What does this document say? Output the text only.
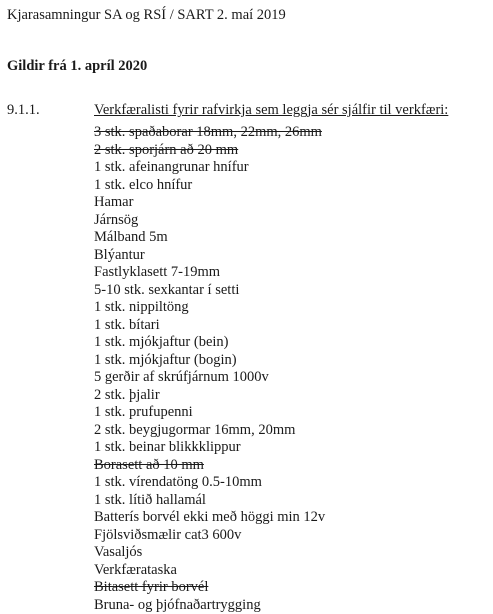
Kjarasamningur SA og RSÍ / SART 2. maí 2019
Gildir frá 1. apríl 2020
9.1.1.	Verkfæralisti fyrir rafvirkja sem leggja sér sjálfir til verkfæri:
3 stk. spaðaborar 18mm, 22mm, 26mm
2 stk. sporjárn að 20 mm
1 stk. afeinangrunar hnífur
1 stk. elco hnífur
Hamar
Járnsög
Málband 5m
Blýantur
Fastlyklasett 7-19mm
5-10 stk. sexkantar í setti
1 stk. nippiltöng
1 stk. bítari
1 stk. mjókjaftur (bein)
1 stk. mjókjaftur (bogin)
5 gerðir af skrúfjárnum 1000v
2 stk. þjalir
1 stk. prufupenni
2 stk. beygjugormar 16mm, 20mm
1 stk. beinar blikkklippur
Borasett að 10 mm
1 stk. vírendatöng 0.5-10mm
1 stk. lítið hallamál
Batterís borvél ekki með höggi min 12v
Fjölsviðsmælir cat3 600v
Vasaljós
Verkfærataska
Bitasett fyrir borvél
Bruna- og þjófnaðartrygging
